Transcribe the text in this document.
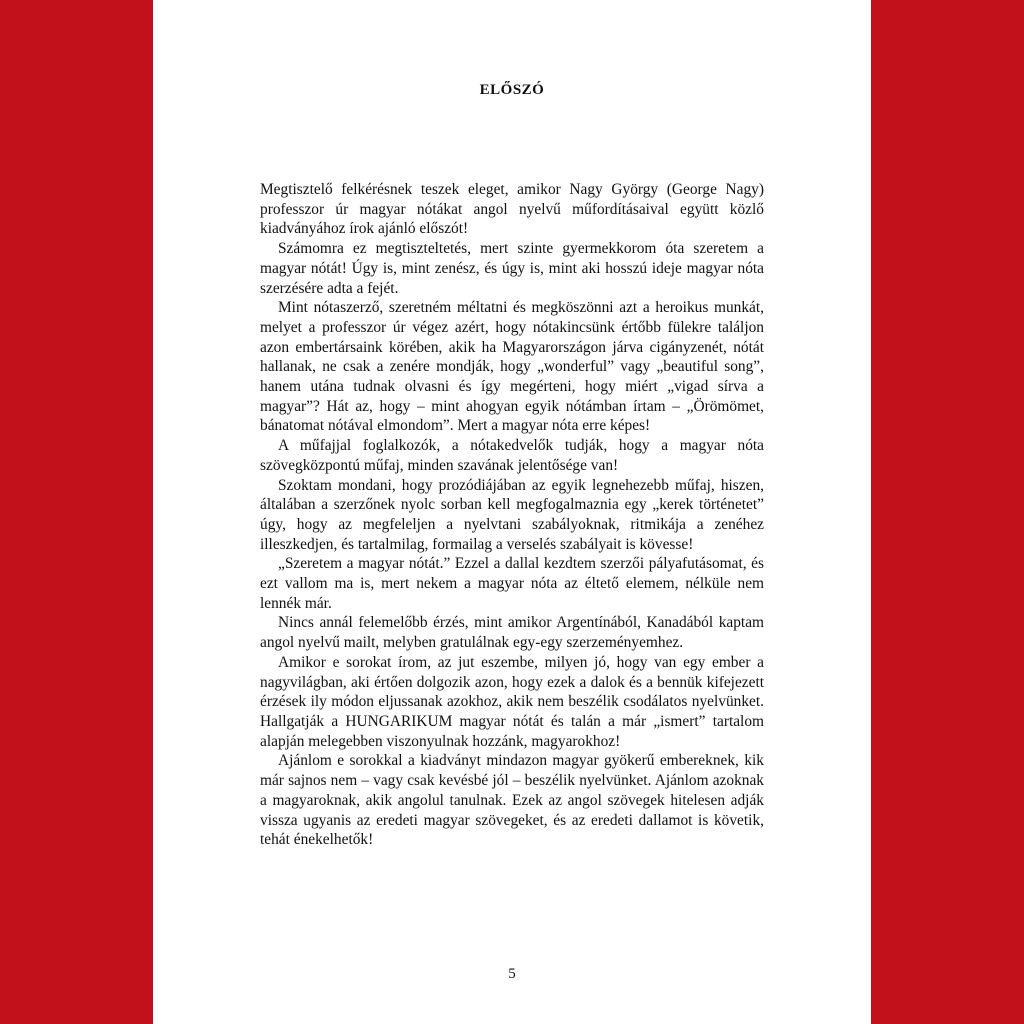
ELŐSZÓ

Megtisztelő felkérésnek teszek eleget, amikor Nagy György (George Nagy) professzor úr magyar nótákat angol nyelvű műfordításaival együtt közlő kiadványához írok ajánló előszót!

Számomra ez megtiszteltetés, mert szinte gyermekkorom óta szeretem a magyar nótát! Úgy is, mint zenész, és úgy is, mint aki hosszú ideje magyar nóta szerzésére adta a fejét.

Mint nótaszerző, szeretném méltatni és megköszönni azt a heroikus munkát, melyet a professzor úr végez azért, hogy nótakincsünk értőbb fülekre találjon azon embertársaink körében, akik ha Magyarországon járva cigányzenét, nótát hallanak, ne csak a zenére mondják, hogy „wonderful” vagy „beautiful song”, hanem utána tudnak olvasni és így megérteni, hogy miért „vigad sírva a magyar”? Hát az, hogy – mint ahogyan egyik nótámban írtam – „Örömömet, bánatomat nótával elmondom”. Mert a magyar nóta erre képes!

A műfajjal foglalkozók, a nótakedvelők tudják, hogy a magyar nóta szövegközpontú műfaj, minden szavának jelentősége van!

Szoktam mondani, hogy prozódiájában az egyik legnehezebb műfaj, hiszen, általában a szerzőnek nyolc sorban kell megfogalmaznia egy „kerek történetet” úgy, hogy az megfeleljen a nyelvtani szabályoknak, ritmikája a zenéhez illeszkedjen, és tartalmilag, formailag a verselés szabályait is kövesse!

„Szeretem a magyar nótát.” Ezzel a dallal kezdtem szerzői pályafutásomat, és ezt vallom ma is, mert nekem a magyar nóta az éltető elemem, nélküle nem lennék már.

Nincs annál felemelőbb érzés, mint amikor Argentínából, Kanadából kaptam angol nyelvű mailt, melyben gratulálnak egy-egy szerzeményemhez.

Amikor e sorokat írom, az jut eszembe, milyen jó, hogy van egy ember a nagyvilágban, aki értően dolgozik azon, hogy ezek a dalok és a bennük kifejezett érzések ily módon eljussanak azokhoz, akik nem beszélik csodálatos nyelvünket. Hallgatják a HUNGARIKUM magyar nótát és talán a már „ismert” tartalom alapján melegebben viszonyulnak hozzánk, magyarokhoz!

Ajánlom e sorokkal a kiadványt mindazon magyar gyökerű embereknek, kik már sajnos nem – vagy csak kevésbé jól – beszélik nyelvünket. Ajánlom azoknak a magyaroknak, akik angolul tanulnak. Ezek az angol szövegek hitelesen adják vissza ugyanis az eredeti magyar szövegeket, és az eredeti dallamot is követik, tehát énekelhetők!

5
